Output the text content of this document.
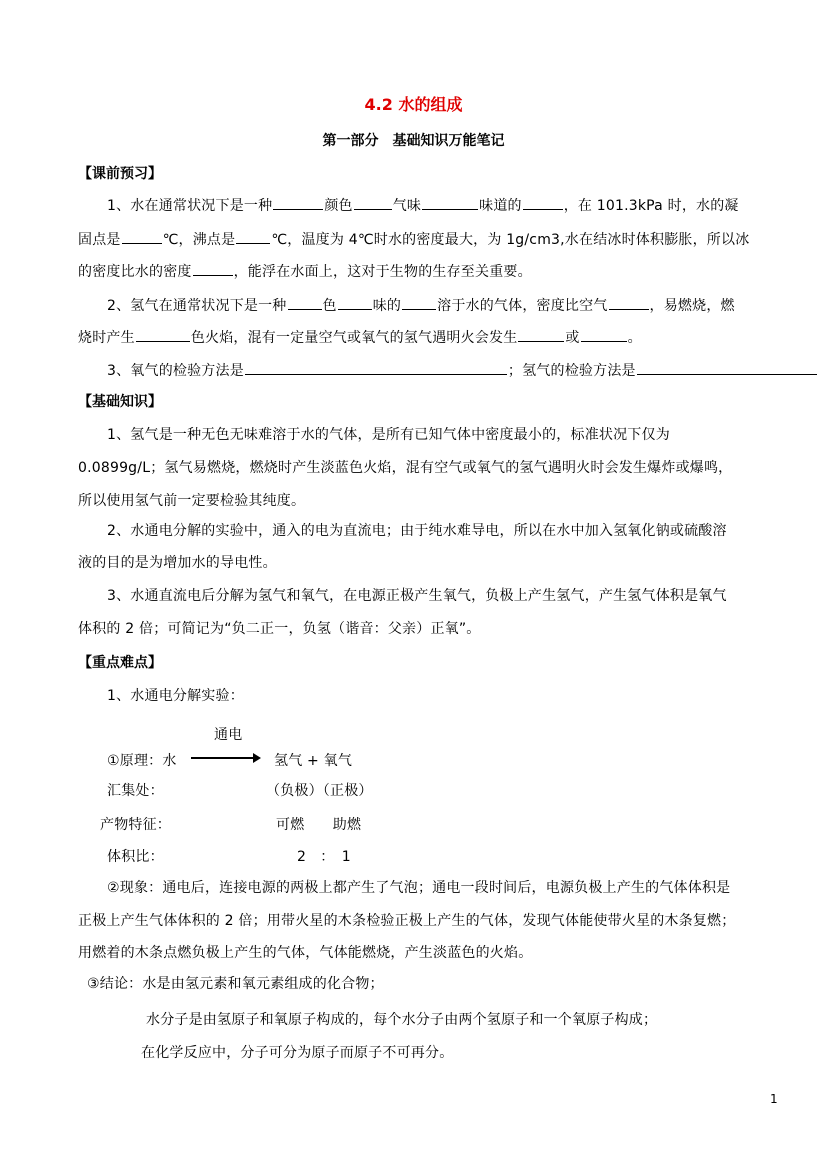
4.2 水的组成
第一部分　基础知识万能笔记
【课前预习】
1、水在通常状况下是一种	颜色	气味	味道的	，在 101.3kPa 时，水的凝
固点是	℃，沸点是	℃，温度为 4℃时水的密度最大，为 1g/cm3,水在结冰时体积膨胀，所以冰
的密度比水的密度	，能浮在水面上，这对于生物的生存至关重要。
2、氢气在通常状况下是一种	色	味的	溶于水的气体，密度比空气	，易燃烧，燃
烧时产生	色火焰，混有一定量空气或氧气的氢气遇明火会发生	或	。
3、氧气的检验方法是	；氢气的检验方法是
【基础知识】
1、氢气是一种无色无味难溶于水的气体，是所有已知气体中密度最小的，标准状况下仅为
0.0899g/L；氢气易燃烧，燃烧时产生淡蓝色火焰，混有空气或氧气的氢气遇明火时会发生爆炸或爆鸣，
所以使用氢气前一定要检验其纯度。
2、水通电分解的实验中，通入的电为直流电；由于纯水难导电，所以在水中加入氢氧化钠或硫酸溶
液的目的是为增加水的导电性。
3、水通直流电后分解为氢气和氧气，在电源正极产生氧气，负极上产生氢气，产生氢气体积是氧气
体积的 2 倍；可简记为“负二正一，负氢（谐音：父亲）正氧”。
【重点难点】
1、水通电分解实验：
通电
①原理：水	氢气 + 氧气
汇集处：	（负极）（正极）
产物特征：	可燃　　助燃
体积比：	2　：　1
②现象：通电后，连接电源的两极上都产生了气泡；通电一段时间后，电源负极上产生的气体体积是
正极上产生气体体积的 2 倍；用带火星的木条检验正极上产生的气体，发现气体能使带火星的木条复燃；
用燃着的木条点燃负极上产生的气体，气体能燃烧，产生淡蓝色的火焰。
③结论：水是由氢元素和氧元素组成的化合物；
水分子是由氢原子和氧原子构成的，每个水分子由两个氢原子和一个氧原子构成；
在化学反应中，分子可分为原子而原子不可再分。
1
